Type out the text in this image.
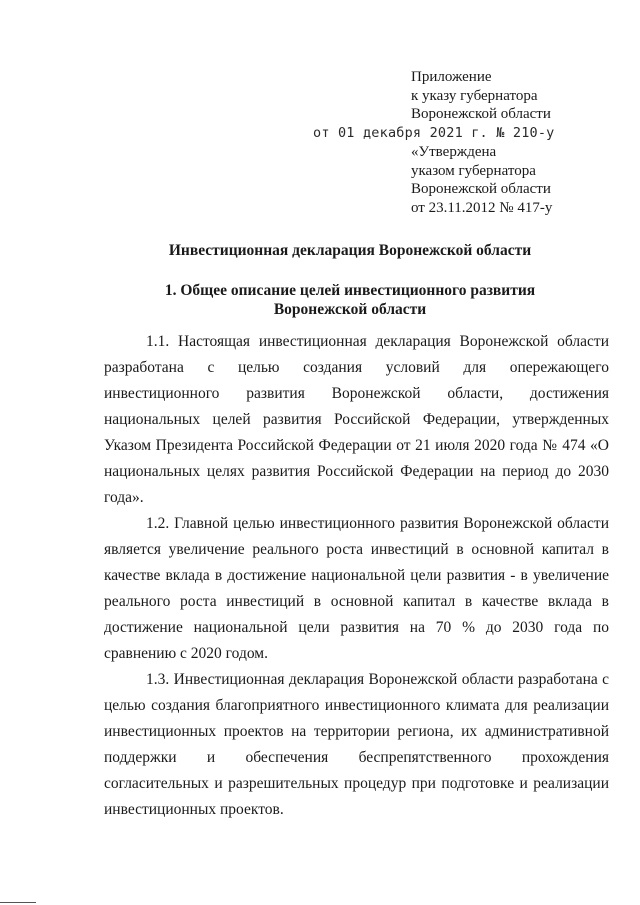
Приложение
к указу губернатора
Воронежской области
от 01 декабря 2021 г. № 210-у
«Утверждена
указом губернатора
Воронежской области
от 23.11.2012 № 417-у
Инвестиционная декларация Воронежской области
1. Общее описание целей инвестиционного развития
Воронежской области

1.1. Настоящая инвестиционная декларация Воронежской области разработана с целью создания условий для опережающего инвестиционного развития Воронежской области, достижения национальных целей развития Российской Федерации, утвержденных Указом Президента Российской Федерации от 21 июля 2020 года № 474 «О национальных целях развития Российской Федерации на период до 2030 года».

1.2. Главной целью инвестиционного развития Воронежской области является увеличение реального роста инвестиций в основной капитал в качестве вклада в достижение национальной цели развития - в увеличение реального роста инвестиций в основной капитал в качестве вклада в достижение национальной цели развития на 70 % до 2030 года по сравнению с 2020 годом.

1.3. Инвестиционная декларация Воронежской области разработана с целью создания благоприятного инвестиционного климата для реализации инвестиционных проектов на территории региона, их административной поддержки и обеспечения беспрепятственного прохождения согласительных и разрешительных процедур при подготовке и реализации инвестиционных проектов.
